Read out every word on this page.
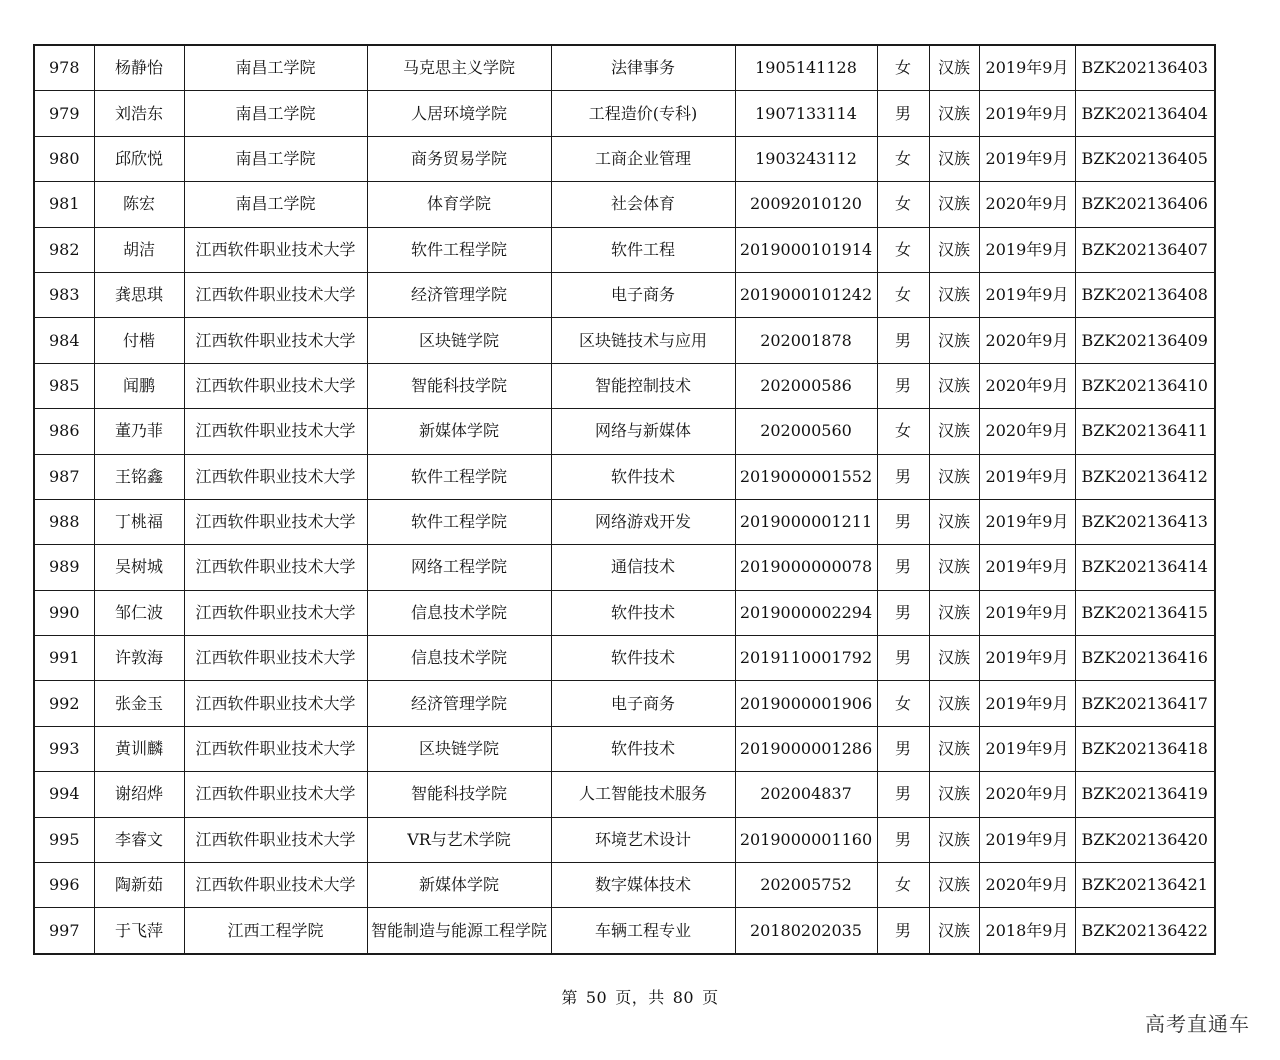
978	杨静怡	南昌工学院	马克思主义学院	法律事务	1905141128	女	汉族	2019年9月	BZK202136403
979	刘浩东	南昌工学院	人居环境学院	工程造价(专科)	1907133114	男	汉族	2019年9月	BZK202136404
980	邱欣悦	南昌工学院	商务贸易学院	工商企业管理	1903243112	女	汉族	2019年9月	BZK202136405
981	陈宏	南昌工学院	体育学院	社会体育	20092010120	女	汉族	2020年9月	BZK202136406
982	胡洁	江西软件职业技术大学	软件工程学院	软件工程	2019000101914	女	汉族	2019年9月	BZK202136407
983	龚思琪	江西软件职业技术大学	经济管理学院	电子商务	2019000101242	女	汉族	2019年9月	BZK202136408
984	付楷	江西软件职业技术大学	区块链学院	区块链技术与应用	202001878	男	汉族	2020年9月	BZK202136409
985	闻鹏	江西软件职业技术大学	智能科技学院	智能控制技术	202000586	男	汉族	2020年9月	BZK202136410
986	董乃菲	江西软件职业技术大学	新媒体学院	网络与新媒体	202000560	女	汉族	2020年9月	BZK202136411
987	王铭鑫	江西软件职业技术大学	软件工程学院	软件技术	2019000001552	男	汉族	2019年9月	BZK202136412
988	丁桃福	江西软件职业技术大学	软件工程学院	网络游戏开发	2019000001211	男	汉族	2019年9月	BZK202136413
989	吴树城	江西软件职业技术大学	网络工程学院	通信技术	2019000000078	男	汉族	2019年9月	BZK202136414
990	邹仁波	江西软件职业技术大学	信息技术学院	软件技术	2019000002294	男	汉族	2019年9月	BZK202136415
991	许敦海	江西软件职业技术大学	信息技术学院	软件技术	2019110001792	男	汉族	2019年9月	BZK202136416
992	张金玉	江西软件职业技术大学	经济管理学院	电子商务	2019000001906	女	汉族	2019年9月	BZK202136417
993	黄训麟	江西软件职业技术大学	区块链学院	软件技术	2019000001286	男	汉族	2019年9月	BZK202136418
994	谢绍烨	江西软件职业技术大学	智能科技学院	人工智能技术服务	202004837	男	汉族	2020年9月	BZK202136419
995	李睿文	江西软件职业技术大学	VR与艺术学院	环境艺术设计	2019000001160	男	汉族	2019年9月	BZK202136420
996	陶新茹	江西软件职业技术大学	新媒体学院	数字媒体技术	202005752	女	汉族	2020年9月	BZK202136421
997	于飞萍	江西工程学院	智能制造与能源工程学院	车辆工程专业	20180202035	男	汉族	2018年9月	BZK202136422
第 50 页，共 80 页
高考直通车
